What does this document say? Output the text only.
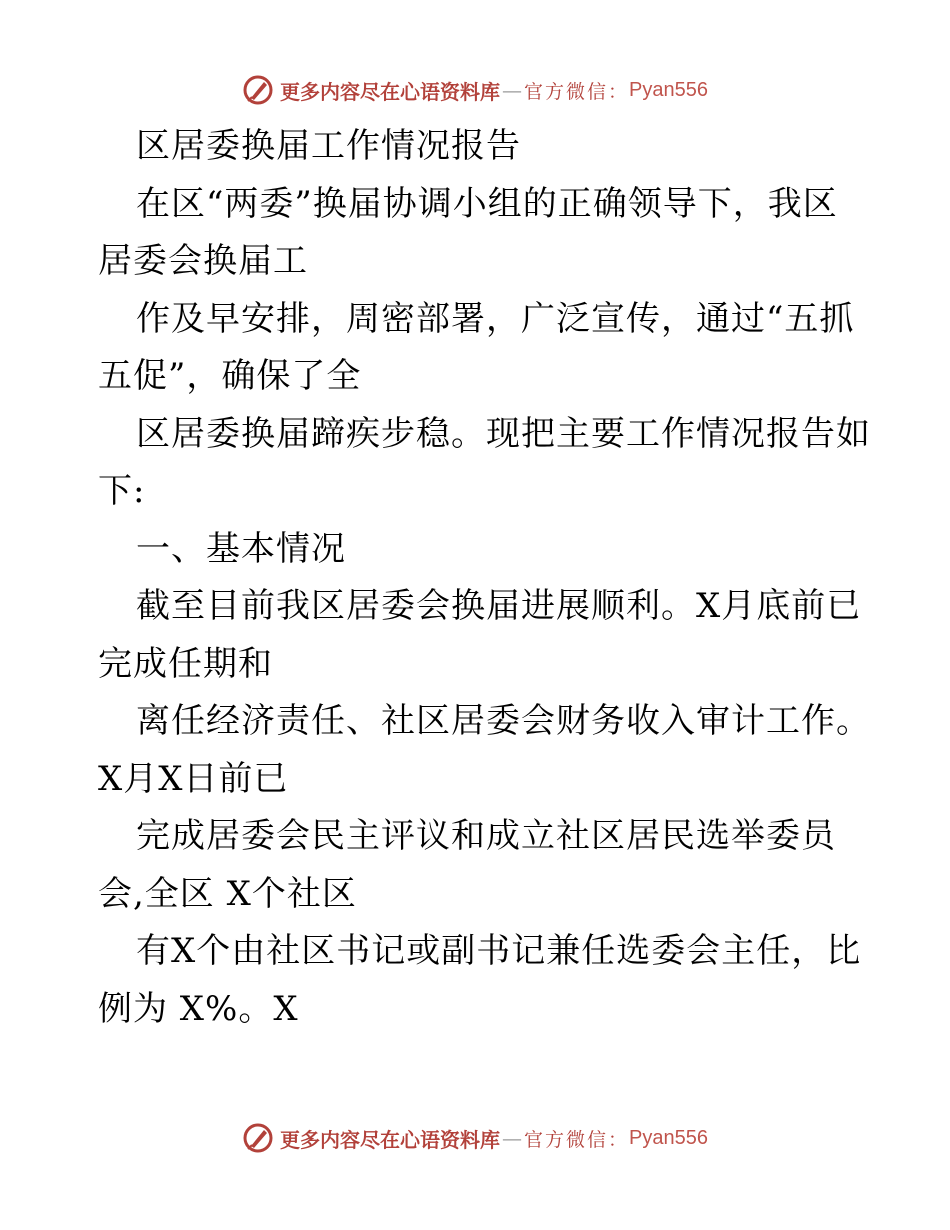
更多内容尽在心语资料库 — 官方微信： Pyan556
区居委换届工作情况报告
在区“两委”换届协调小组的正确领导下，我区
居委会换届工
作及早安排，周密部署，广泛宣传，通过“五抓
五促”，确保了全
区居委换届蹄疾步稳。现把主要工作情况报告如
下:
一、基本情况
截至目前我区居委会换届进展顺利。X月底前已
完成任期和
离任经济责任、社区居委会财务收入审计工作。
X月X日前已
完成居委会民主评议和成立社区居民选举委员
会,全区 X个社区
有X个由社区书记或副书记兼任选委会主任，比
例为 X%。X
更多内容尽在心语资料库 — 官方微信： Pyan556
